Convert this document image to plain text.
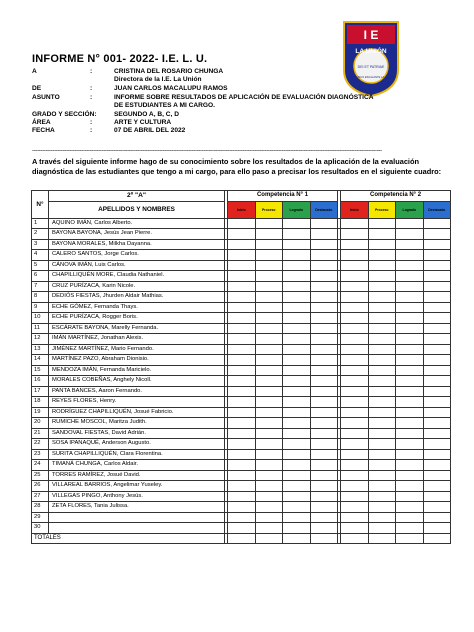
I E
LA UNIÓN
DEI ET PATRIAE
FRANCISCO ESCALANTE LA UNIÓN
INFORME N° 001- 2022- I.E. L. U.
A	:	CRISTINA DEL ROSARIO CHUNGA
Directora de la I.E. La Unión
DE	:	JUAN CARLOS MACALUPU RAMOS
ASUNTO	:	INFORME SOBRE RESULTADOS DE APLICACIÓN DE EVALUACIÓN DIAGNÓSTICA
DE ESTUDIANTES A MI CARGO.
GRADO Y SECCIÓN:	SEGUNDO A, B, C, D
ÁREA	:	ARTE Y CULTURA
FECHA	:	07 DE ABRIL DEL 2022
--------------------------------------------------------------------------------------------------------------------------------------------------------------------------------------------------------------
A través del siguiente informe hago de su conocimiento sobre los resultados de la aplicación de la evaluación diagnóstica de las estudiantes que tengo a mi cargo, para ello paso a precisar los resultados en el siguiente cuadro:
N°	2º "A"		Competencia N° 1					Competencia N° 2			
	APELLIDOS Y NOMBRES										
			Inicio	Proceso	Logrado	Destacado		Inicio	Proceso	Logrado	Destacado
1	AQUINO IMÁN, Carlos Alberto.										
2	BAYONA BAYONA, Jesús Jean Pierre.										
3	BAYONA MORALES, Milkha Dayanna.										
4	CALERO SANTOS, Jorge Carlos.										
5	CÁNOVA IMÁN, Luis Carlos.										
6	CHAPILLIQUÉN MORE, Claudia Nathaniel.										
7	CRUZ PURÍZACA, Karin Nicole.										
8	DEDIÓS FIESTAS, Jhurden Aldair Mathias.										
9	ECHE GÓMEZ, Fernanda Thays.										
10	ECHE PURÍZACA, Rogger Boris.										
11	ESCÁRATE BAYONA, Marelly Fernanda.										
12	IMÁN MARTÍNEZ, Jonathan Alexis.										
13	JIMÉNEZ MARTÍNEZ, Mario Fernando.										
14	MARTÍNEZ PAZO, Abraham Dionisio.										
15	MENDOZA IMÁN, Fernanda Maricielo.										
16	MORALES COBEÑAS, Anghely Nicoll.										
17	PANTA BANCES, Aaron Fernando.										
18	REYES FLORES, Henry.										
19	RODRÍGUEZ CHAPILLIQUÉN, Josué Fabricio.										
20	RUMICHE MOSCOL, Maritza Judith.										
21	SANDOVAL FIESTAS, David Adrián.										
22	SOSA IPANAQUÉ, Anderson Augusto.										
23	SURITA CHAPILLIQUÉN, Clara Florentina.										
24	TIMANÁ CHUNGA, Carlos Aldair.										
25	TORRES RAMÍREZ, Josué David.										
26	VILLAREAL BARRIOS, Angelimar Yuseley.										
27	VILLEGAS PINGO, Anthony Jesús.										
28	ZETA FLORES, Tania Julissa.										
29											
30											
TOTALES											
